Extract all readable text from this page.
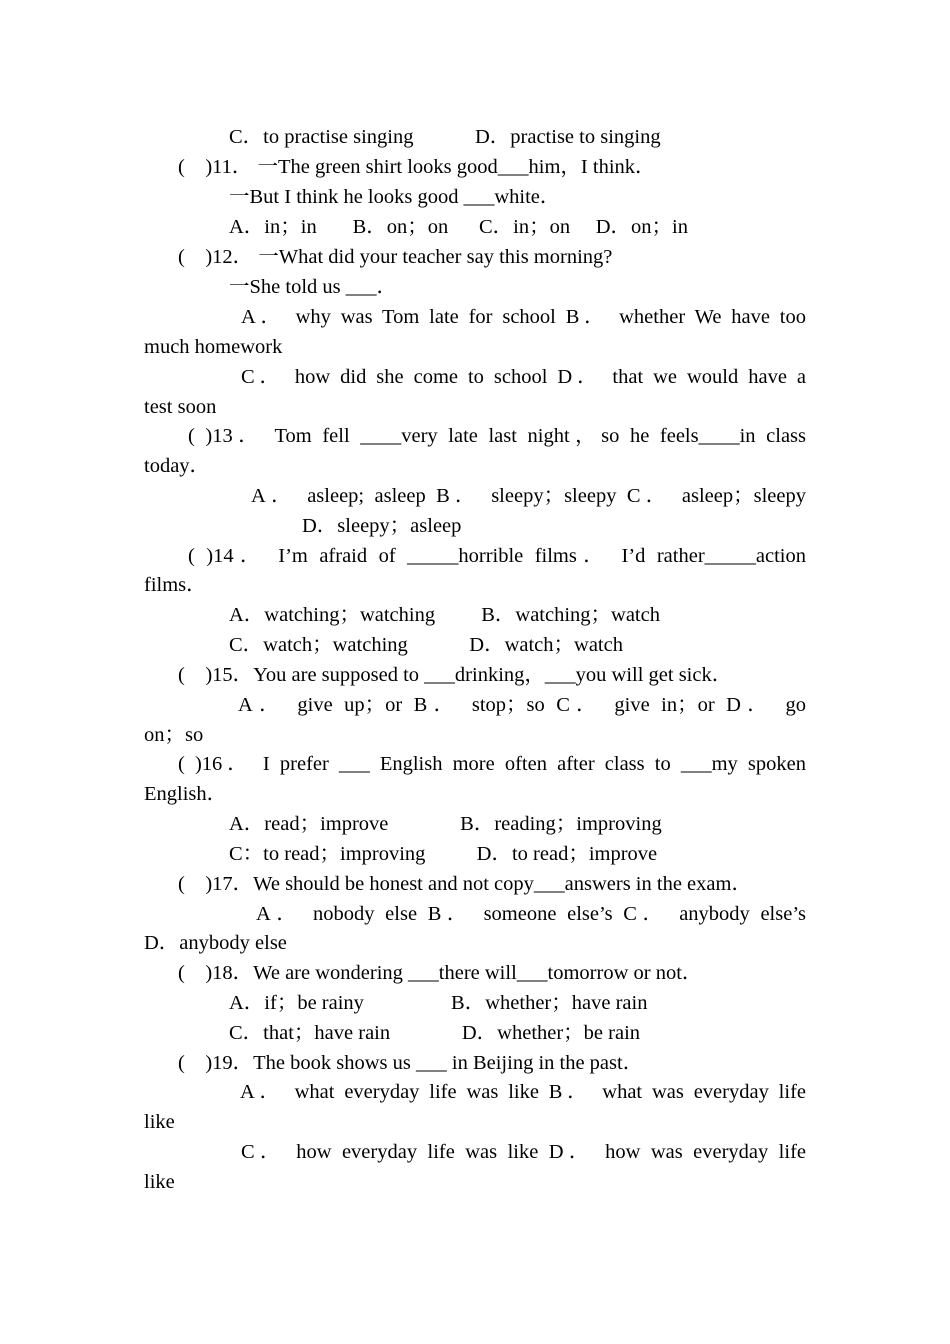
C．to practise singing            D．practise to singing
(    )11． 一The green shirt looks good___him，I think．
一But I think he looks good ___white．
A．in；in       B．on；on      C．in；on     D．on；in
(    )12． 一What did your teacher say this morning?
一She told us ___．
A． why was Tom late for school B． whether We have too
much homework
C． how did she come to school D． that we would have a
test soon
( )13． Tom fell ____very late last night，so he feels____in class
today．
A． asleep; asleep B． sleepy；sleepy C． asleep；sleepy
D．sleepy；asleep
( )14． I’m afraid of _____horrible films． I’d rather_____action
films．
A．watching；watching         B．watching；watch
C．watch；watching            D．watch；watch
(    )15．You are supposed to ___drinking，___you will get sick．
A． give up；or B． stop；so C． give in；or D． go
on；so
( )16． I prefer ___ English more often after class to ___my spoken
English．
A．read；improve              B．reading；improving
C：to read；improving          D．to read；improve
(    )17．We should be honest and not copy___answers in the exam．
A． nobody else B． someone else’s C． anybody else’s
D．anybody else
(    )18．We are wondering ___there will___tomorrow or not．
A．if；be rainy                 B．whether；have rain
C．that；have rain              D．whether；be rain
(    )19．The book shows us ___ in Beijing in the past．
A． what everyday life was like B． what was everyday life
like
C． how everyday life was like D． how was everyday life
like
